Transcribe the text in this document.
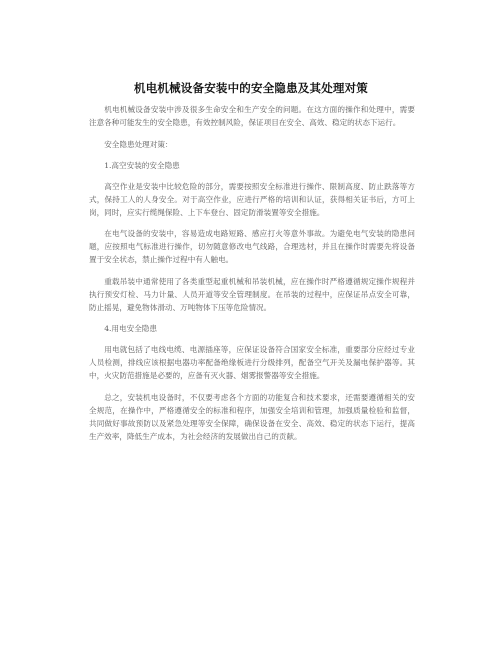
机电机械设备安装中的安全隐患及其处理对策

机电机械设备安装中涉及很多生命安全和生产安全的问题。在这方面的操作和处理中，需要注意各种可能发生的安全隐患，有效控制风险，保证项目在安全、高效、稳定的状态下运行。

安全隐患处理对策：

1.高空安装的安全隐患

高空作业是安装中比较危险的部分，需要按照安全标准进行操作、限制高度、防止跌落等方式，保持工人的人身安全。对于高空作业，应进行严格的培训和认证，获得相关证书后，方可上岗，同时，应实行缆绳保险、上下车登台、固定防滑装置等安全措施。

在电气设备的安装中，容易造成电路短路、感应打火等意外事故。为避免电气安装的隐患问题，应按照电气标准进行操作，切勿随意修改电气线路，合理选材，并且在操作时需要先将设备置于安全状态，禁止操作过程中有人触电。

重载吊装中通常使用了各类重型起重机械和吊装机械，应在操作时严格遵循规定操作规程并执行预安灯检、马力计量、人员开道等安全管理制度。在吊装的过程中，应保证吊点安全可靠，防止摇晃，避免物体滑动、万吨物体下压等危险情况。

4.用电安全隐患

用电就包括了电线电缆、电源插座等，应保证设备符合国家安全标准，重要部分应经过专业人员检测，排线应该根据电器功率配备绝缘板进行分级排列，配备空气开关及漏电保护器等。其中，火灾防范措施是必要的，应备有灭火器、烟雾报警器等安全措施。

总之，安装机电设备时，不仅要考虑各个方面的功能复合和技术要求，还需要遵循相关的安全规范，在操作中，严格遵循安全的标准和程序，加强安全培训和管理，加强质量检验和监督，共同做好事故预防以及紧急处理等安全保障，确保设备在安全、高效、稳定的状态下运行，提高生产效率，降低生产成本，为社会经济的发展做出自己的贡献。
